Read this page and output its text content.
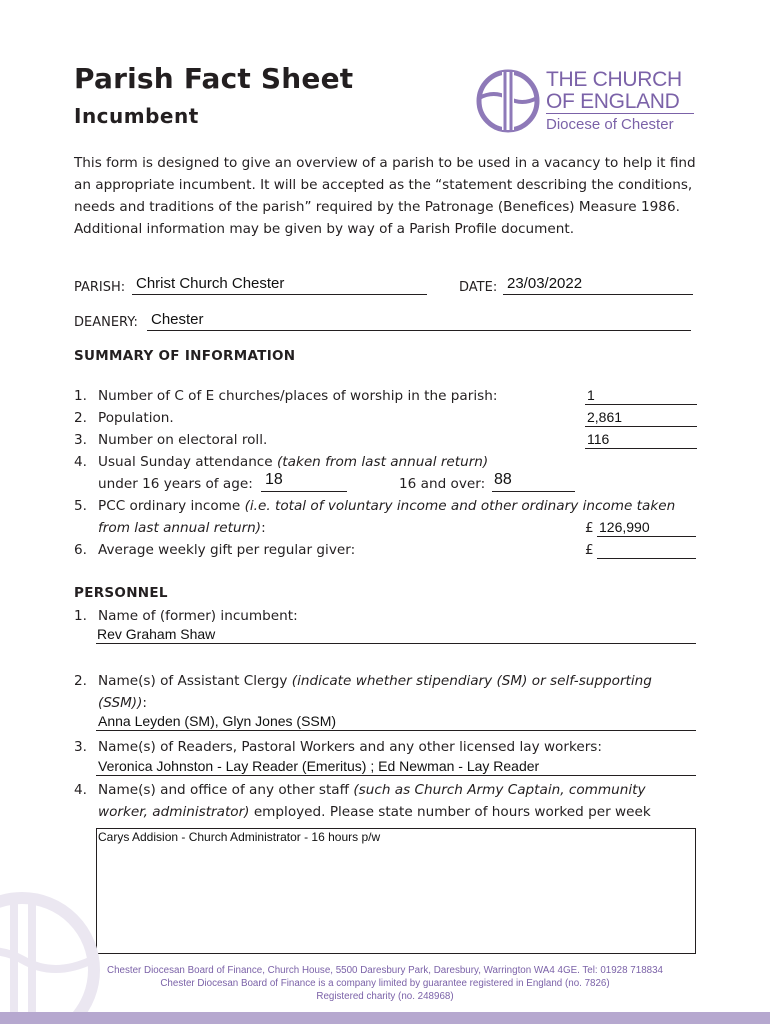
Parish Fact Sheet
Incumbent
THE CHURCH
OF ENGLAND
Diocese of Chester
This form is designed to give an overview of a parish to be used in a vacancy to help it find an appropriate incumbent. It will be accepted as the “statement describing the conditions, needs and traditions of the parish” required by the Patronage (Benefices) Measure 1986. Additional information may be given by way of a Parish Profile document.
PARISH: Christ Church Chester	DATE: 23/03/2022
DEANERY: Chester
SUMMARY OF INFORMATION
1. Number of C of E churches/places of worship in the parish:	1
2. Population.	2,861
3. Number on electoral roll.	116
4. Usual Sunday attendance (taken from last annual return)
under 16 years of age: 18	16 and over: 88
5. PCC ordinary income (i.e. total of voluntary income and other ordinary income taken
from last annual return):	£ 126,990
6. Average weekly gift per regular giver:	£
PERSONNEL
1. Name of (former) incumbent:
Rev Graham Shaw
2. Name(s) of Assistant Clergy (indicate whether stipendiary (SM) or self-supporting
(SSM)):
Anna Leyden (SM), Glyn Jones (SSM)
3. Name(s) of Readers, Pastoral Workers and any other licensed lay workers:
Veronica Johnston - Lay Reader (Emeritus) ; Ed Newman - Lay Reader
4. Name(s) and office of any other staff (such as Church Army Captain, community
worker, administrator) employed. Please state number of hours worked per week
Carys Addision - Church Administrator - 16 hours p/w
Chester Diocesan Board of Finance, Church House, 5500 Daresbury Park, Daresbury, Warrington WA4 4GE. Tel: 01928 718834
Chester Diocesan Board of Finance is a company limited by guarantee registered in England (no. 7826)
Registered charity (no. 248968)
